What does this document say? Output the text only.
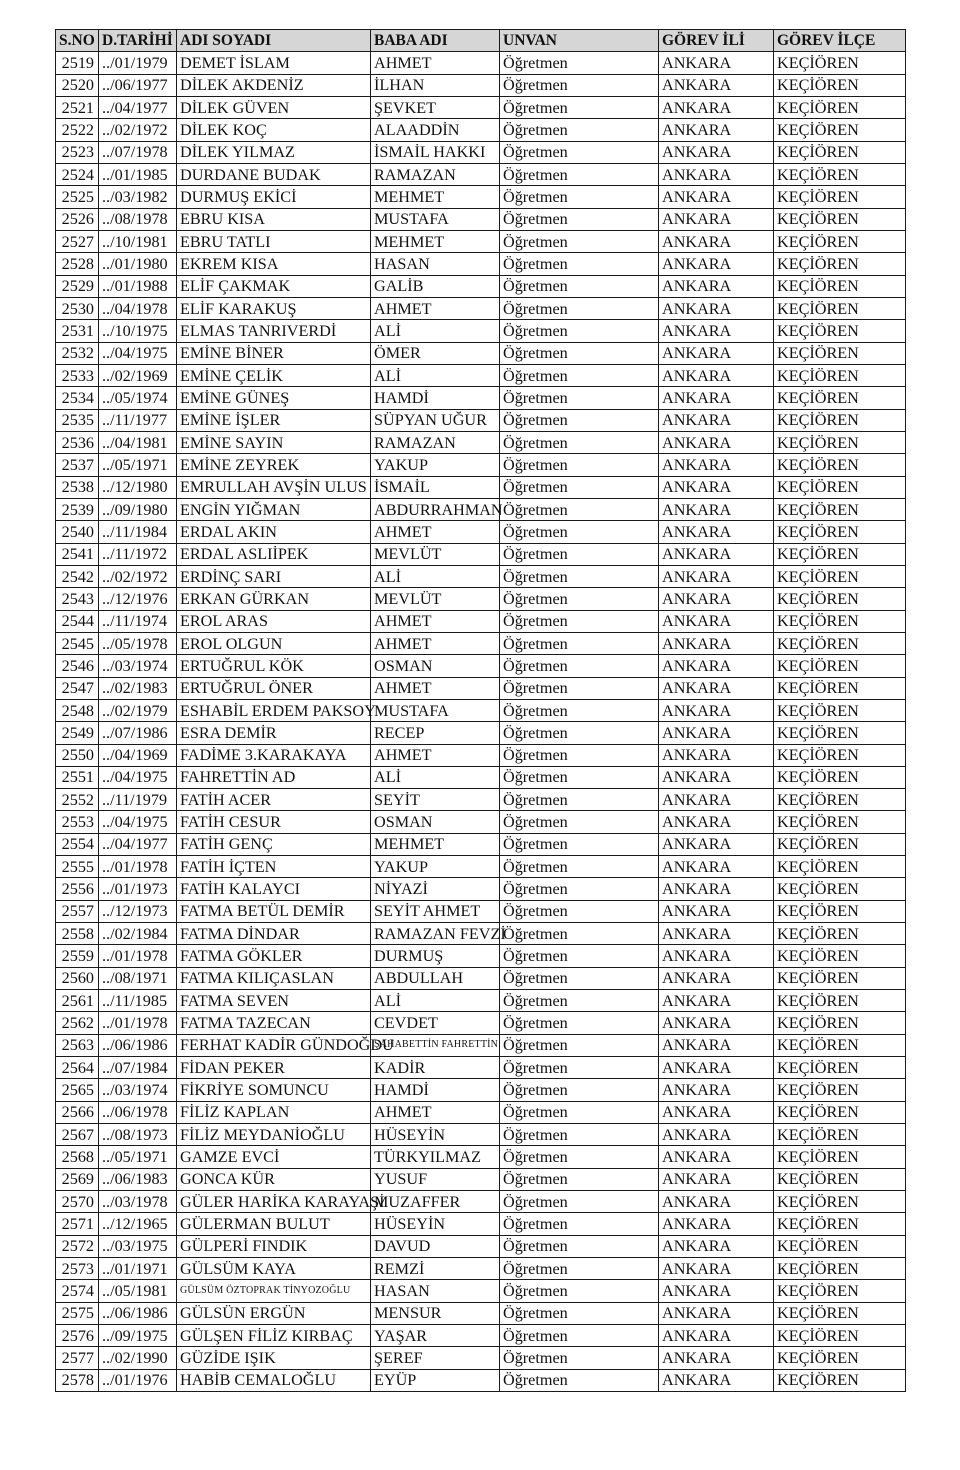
S.NO	D.TARİHİ	ADI SOYADI	BABA ADI	UNVAN	GÖREV İLİ	GÖREV İLÇE
2519	../01/1979	DEMET İSLAM	AHMET	Öğretmen	ANKARA	KEÇİÖREN
2520	../06/1977	DİLEK AKDENİZ	İLHAN	Öğretmen	ANKARA	KEÇİÖREN
2521	../04/1977	DİLEK GÜVEN	ŞEVKET	Öğretmen	ANKARA	KEÇİÖREN
2522	../02/1972	DİLEK KOÇ	ALAADDİN	Öğretmen	ANKARA	KEÇİÖREN
2523	../07/1978	DİLEK YILMAZ	İSMAİL HAKKI	Öğretmen	ANKARA	KEÇİÖREN
2524	../01/1985	DURDANE BUDAK	RAMAZAN	Öğretmen	ANKARA	KEÇİÖREN
2525	../03/1982	DURMUŞ EKİCİ	MEHMET	Öğretmen	ANKARA	KEÇİÖREN
2526	../08/1978	EBRU KISA	MUSTAFA	Öğretmen	ANKARA	KEÇİÖREN
2527	../10/1981	EBRU TATLI	MEHMET	Öğretmen	ANKARA	KEÇİÖREN
2528	../01/1980	EKREM KISA	HASAN	Öğretmen	ANKARA	KEÇİÖREN
2529	../01/1988	ELİF ÇAKMAK	GALİB	Öğretmen	ANKARA	KEÇİÖREN
2530	../04/1978	ELİF KARAKUŞ	AHMET	Öğretmen	ANKARA	KEÇİÖREN
2531	../10/1975	ELMAS TANRIVERDİ	ALİ	Öğretmen	ANKARA	KEÇİÖREN
2532	../04/1975	EMİNE BİNER	ÖMER	Öğretmen	ANKARA	KEÇİÖREN
2533	../02/1969	EMİNE ÇELİK	ALİ	Öğretmen	ANKARA	KEÇİÖREN
2534	../05/1974	EMİNE GÜNEŞ	HAMDİ	Öğretmen	ANKARA	KEÇİÖREN
2535	../11/1977	EMİNE İŞLER	SÜPYAN UĞUR	Öğretmen	ANKARA	KEÇİÖREN
2536	../04/1981	EMİNE SAYIN	RAMAZAN	Öğretmen	ANKARA	KEÇİÖREN
2537	../05/1971	EMİNE ZEYREK	YAKUP	Öğretmen	ANKARA	KEÇİÖREN
2538	../12/1980	EMRULLAH AVŞİN ULUS	İSMAİL	Öğretmen	ANKARA	KEÇİÖREN
2539	../09/1980	ENGİN YIĞMAN	ABDURRAHMAN	Öğretmen	ANKARA	KEÇİÖREN
2540	../11/1984	ERDAL AKIN	AHMET	Öğretmen	ANKARA	KEÇİÖREN
2541	../11/1972	ERDAL ASLIİPEK	MEVLÜT	Öğretmen	ANKARA	KEÇİÖREN
2542	../02/1972	ERDİNÇ SARI	ALİ	Öğretmen	ANKARA	KEÇİÖREN
2543	../12/1976	ERKAN GÜRKAN	MEVLÜT	Öğretmen	ANKARA	KEÇİÖREN
2544	../11/1974	EROL ARAS	AHMET	Öğretmen	ANKARA	KEÇİÖREN
2545	../05/1978	EROL OLGUN	AHMET	Öğretmen	ANKARA	KEÇİÖREN
2546	../03/1974	ERTUĞRUL KÖK	OSMAN	Öğretmen	ANKARA	KEÇİÖREN
2547	../02/1983	ERTUĞRUL ÖNER	AHMET	Öğretmen	ANKARA	KEÇİÖREN
2548	../02/1979	ESHABİL ERDEM PAKSOY	MUSTAFA	Öğretmen	ANKARA	KEÇİÖREN
2549	../07/1986	ESRA DEMİR	RECEP	Öğretmen	ANKARA	KEÇİÖREN
2550	../04/1969	FADİME 3.KARAKAYA	AHMET	Öğretmen	ANKARA	KEÇİÖREN
2551	../04/1975	FAHRETTİN AD	ALİ	Öğretmen	ANKARA	KEÇİÖREN
2552	../11/1979	FATİH ACER	SEYİT	Öğretmen	ANKARA	KEÇİÖREN
2553	../04/1975	FATİH CESUR	OSMAN	Öğretmen	ANKARA	KEÇİÖREN
2554	../04/1977	FATİH GENÇ	MEHMET	Öğretmen	ANKARA	KEÇİÖREN
2555	../01/1978	FATİH İÇTEN	YAKUP	Öğretmen	ANKARA	KEÇİÖREN
2556	../01/1973	FATİH KALAYCI	NİYAZİ	Öğretmen	ANKARA	KEÇİÖREN
2557	../12/1973	FATMA BETÜL DEMİR	SEYİT AHMET	Öğretmen	ANKARA	KEÇİÖREN
2558	../02/1984	FATMA DİNDAR	RAMAZAN FEVZİ	Öğretmen	ANKARA	KEÇİÖREN
2559	../01/1978	FATMA GÖKLER	DURMUŞ	Öğretmen	ANKARA	KEÇİÖREN
2560	../08/1971	FATMA KILIÇASLAN	ABDULLAH	Öğretmen	ANKARA	KEÇİÖREN
2561	../11/1985	FATMA SEVEN	ALİ	Öğretmen	ANKARA	KEÇİÖREN
2562	../01/1978	FATMA TAZECAN	CEVDET	Öğretmen	ANKARA	KEÇİÖREN
2563	../06/1986	FERHAT KADİR GÜNDOĞDU	ŞAHABETTİN FAHRETTİN	Öğretmen	ANKARA	KEÇİÖREN
2564	../07/1984	FİDAN PEKER	KADİR	Öğretmen	ANKARA	KEÇİÖREN
2565	../03/1974	FİKRİYE SOMUNCU	HAMDİ	Öğretmen	ANKARA	KEÇİÖREN
2566	../06/1978	FİLİZ KAPLAN	AHMET	Öğretmen	ANKARA	KEÇİÖREN
2567	../08/1973	FİLİZ MEYDANİOĞLU	HÜSEYİN	Öğretmen	ANKARA	KEÇİÖREN
2568	../05/1971	GAMZE EVCİ	TÜRKYILMAZ	Öğretmen	ANKARA	KEÇİÖREN
2569	../06/1983	GONCA KÜR	YUSUF	Öğretmen	ANKARA	KEÇİÖREN
2570	../03/1978	GÜLER HARİKA KARAYAŞİ	MUZAFFER	Öğretmen	ANKARA	KEÇİÖREN
2571	../12/1965	GÜLERMAN BULUT	HÜSEYİN	Öğretmen	ANKARA	KEÇİÖREN
2572	../03/1975	GÜLPERİ FINDIK	DAVUD	Öğretmen	ANKARA	KEÇİÖREN
2573	../01/1971	GÜLSÜM KAYA	REMZİ	Öğretmen	ANKARA	KEÇİÖREN
2574	../05/1981	GÜLSÜM ÖZTOPRAK TİNYOZOĞLU	HASAN	Öğretmen	ANKARA	KEÇİÖREN
2575	../06/1986	GÜLSÜN ERGÜN	MENSUR	Öğretmen	ANKARA	KEÇİÖREN
2576	../09/1975	GÜLŞEN FİLİZ KIRBAÇ	YAŞAR	Öğretmen	ANKARA	KEÇİÖREN
2577	../02/1990	GÜZİDE IŞIK	ŞEREF	Öğretmen	ANKARA	KEÇİÖREN
2578	../01/1976	HABİB CEMALOĞLU	EYÜP	Öğretmen	ANKARA	KEÇİÖREN
